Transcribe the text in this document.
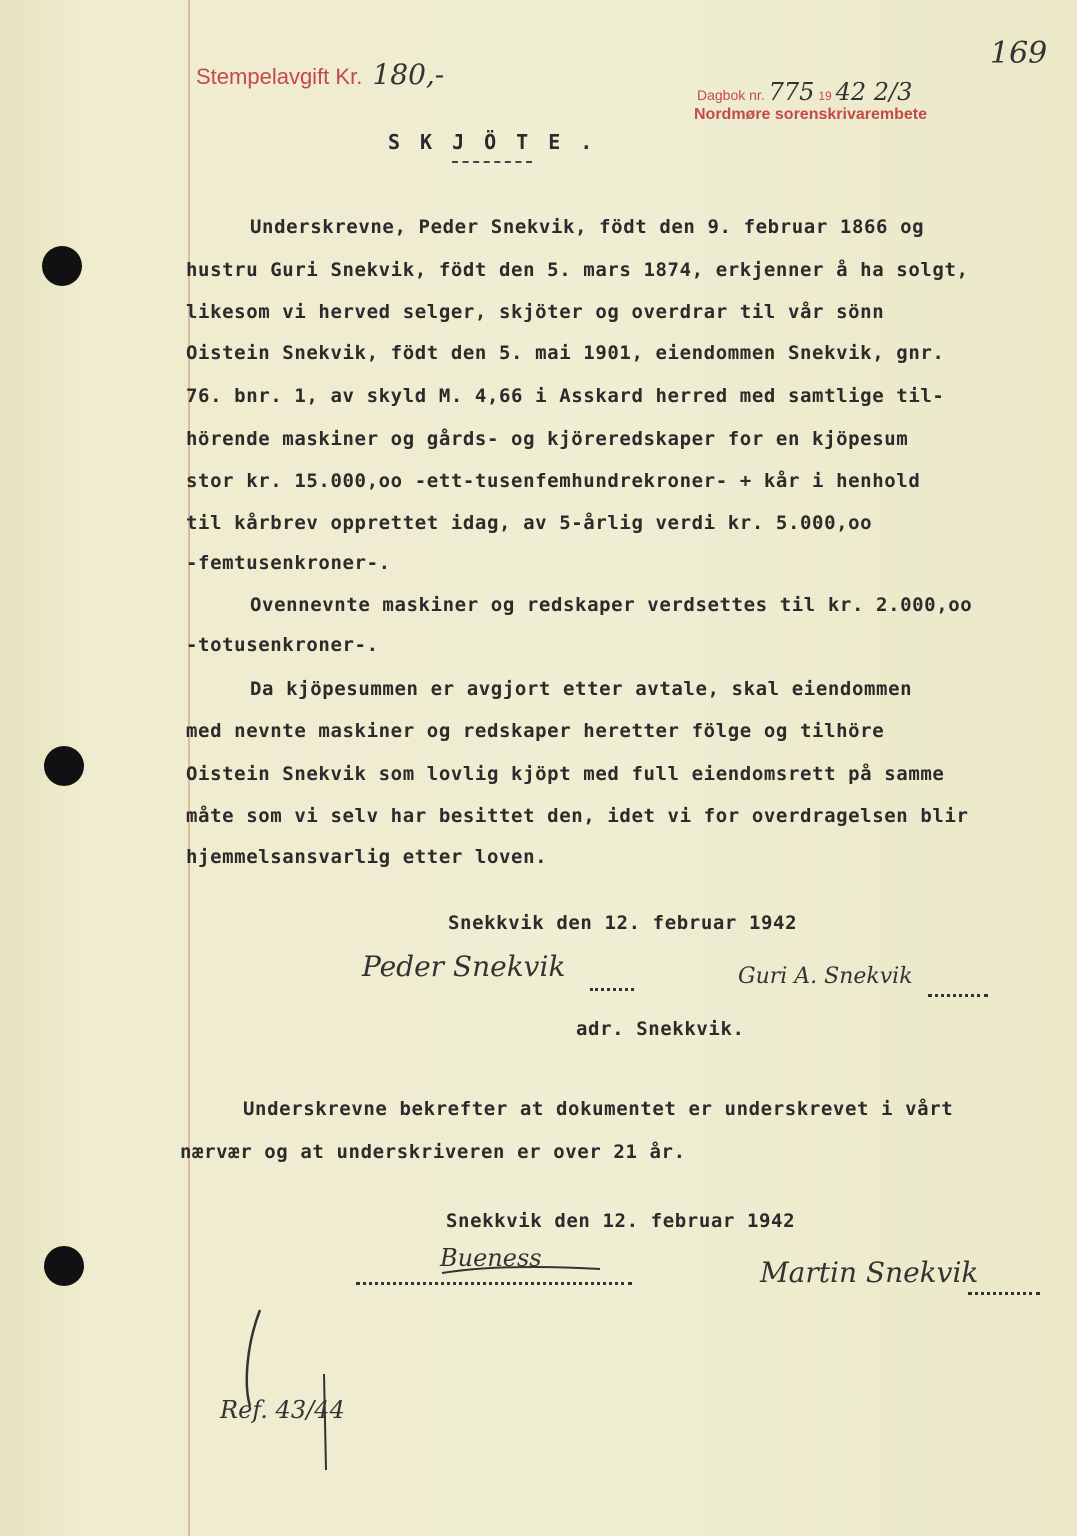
Stempelavgift Kr. 180,-
Dagbok nr. 775 19 42 2/3
Nordmøre sorenskrivarembete
169
SKJÖTE.
Underskrevne, Peder Snekvik, födt den 9. februar 1866 og
hustru Guri Snekvik, födt den 5. mars 1874, erkjenner å ha solgt,
likesom vi herved selger, skjöter og overdrar til vår sönn
Oistein Snekvik, födt den 5. mai 1901, eiendommen Snekvik, gnr.
76. bnr. 1, av skyld M. 4,66 i Asskard herred med samtlige til-
hörende maskiner og gårds- og kjöreredskaper for en kjöpesum
stor kr. 15.000,oo -ett-tusenfemhundrekroner- + kår i henhold
til kårbrev opprettet idag, av 5-årlig verdi kr. 5.000,oo
-femtusenkroner-.
Ovennevnte maskiner og redskaper verdsettes til kr. 2.000,oo
-totusenkroner-.
Da kjöpesummen er avgjort etter avtale, skal eiendommen
med nevnte maskiner og redskaper heretter fölge og tilhöre
Oistein Snekvik som lovlig kjöpt med full eiendomsrett på samme
måte som vi selv har besittet den, idet vi for overdragelsen blir
hjemmelsansvarlig etter loven.
Snekkvik den 12. februar 1942
Peder Snekvik	Guri A. Snekvik
adr. Snekkvik.
Underskrevne bekrefter at dokumentet er underskrevet i vårt
nærvær og at underskriveren er over 21 år.
Snekkvik den 12. februar 1942
Bueness	Martin Snekvik
Ref. 43/44
